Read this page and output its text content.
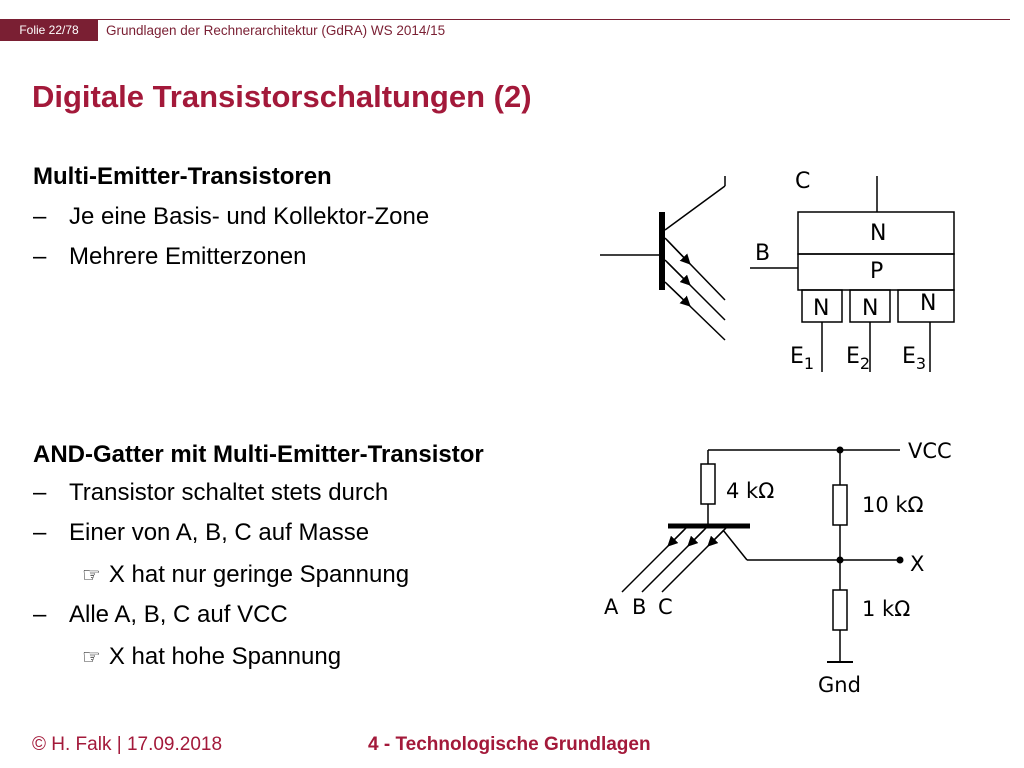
Folie 22/78	Grundlagen der Rechnerarchitektur (GdRA) WS 2014/15
Digitale Transistorschaltungen (2)

Multi-Emitter-Transistoren

– Je eine Basis- und Kollektor-Zone
– Mehrere Emitterzonen

AND-Gatter mit Multi-Emitter-Transistor

– Transistor schaltet stets durch
– Einer von A, B, C auf Masse
☞ X hat nur geringe Spannung
– Alle A, B, C auf VCC
☞ X hat hohe Spannung
C
N
P
B
N N N
$E_1$ $E_2$ $E_3$
VCC
4 kΩ
A B C
10 kΩ
X
1 kΩ
Gnd
© H. Falk | 17.09.2018	4 - Technologische Grundlagen
